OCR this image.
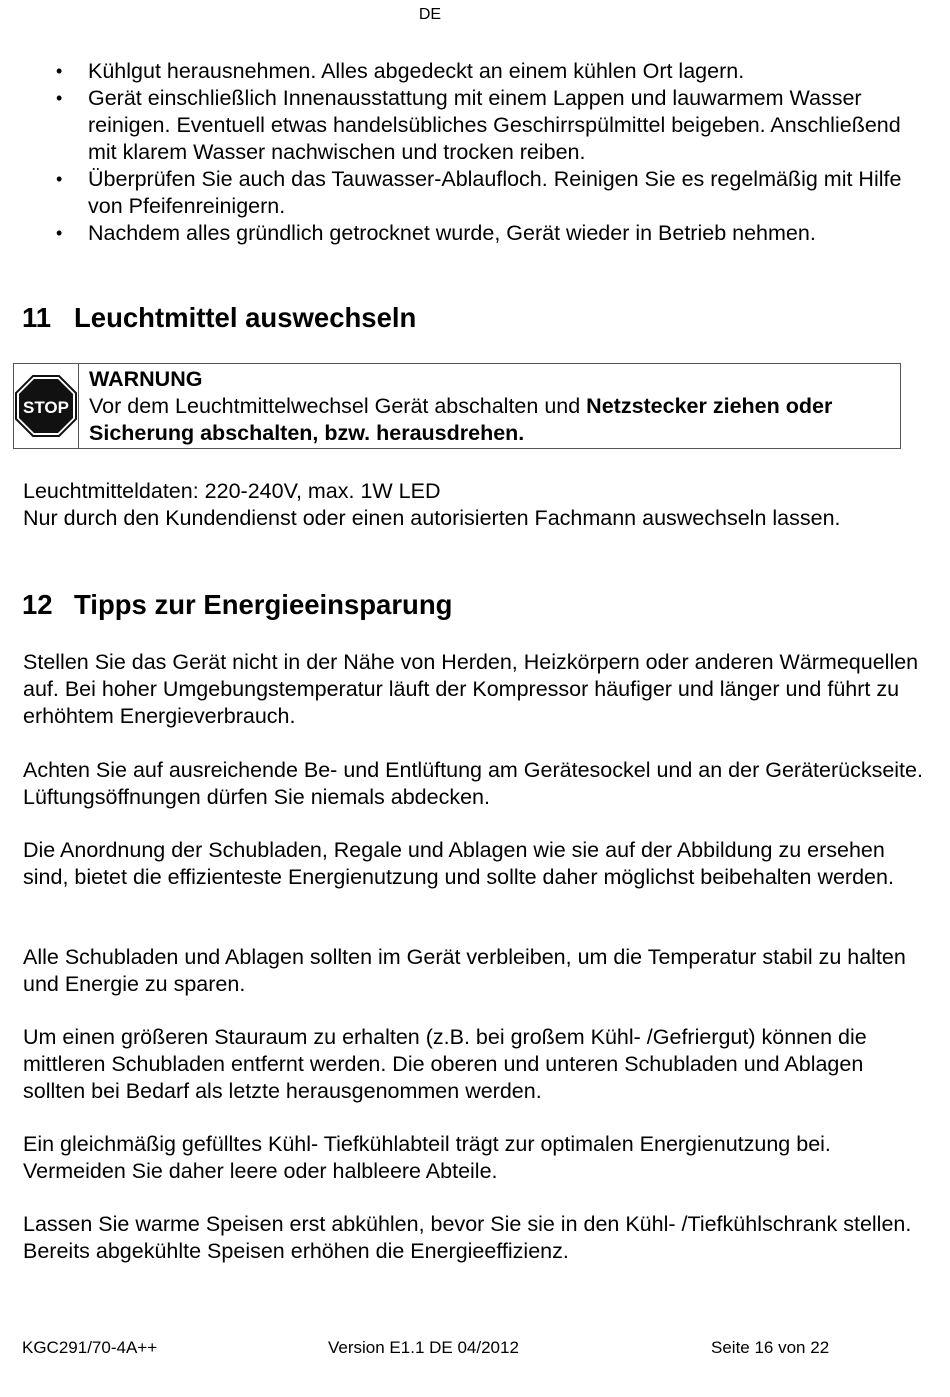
DE
• Kühlgut herausnehmen. Alles abgedeckt an einem kühlen Ort lagern.
• Gerät einschließlich Innenausstattung mit einem Lappen und lauwarmem Wasser reinigen. Eventuell etwas handelsübliches Geschirrspülmittel beigeben. Anschließend mit klarem Wasser nachwischen und trocken reiben.
• Überprüfen Sie auch das Tauwasser-Ablaufloch. Reinigen Sie es regelmäßig mit Hilfe von Pfeifenreinigern.
• Nachdem alles gründlich getrocknet wurde, Gerät wieder in Betrieb nehmen.
11 Leuchtmittel auswechseln
STOP
WARNUNG
Vor dem Leuchtmittelwechsel Gerät abschalten und Netzstecker ziehen oder Sicherung abschalten, bzw. herausdrehen.

Leuchtmitteldaten: 220-240V, max. 1W LED

Nur durch den Kundendienst oder einen autorisierten Fachmann auswechseln lassen.

12 Tipps zur Energieeinsparung

Stellen Sie das Gerät nicht in der Nähe von Herden, Heizkörpern oder anderen Wärmequellen auf. Bei hoher Umgebungstemperatur läuft der Kompressor häufiger und länger und führt zu erhöhtem Energieverbrauch.

Achten Sie auf ausreichende Be- und Entlüftung am Gerätesockel und an der Geräterückseite. Lüftungsöffnungen dürfen Sie niemals abdecken.

Die Anordnung der Schubladen, Regale und Ablagen wie sie auf der Abbildung zu ersehen sind, bietet die effizienteste Energienutzung und sollte daher möglichst beibehalten werden.

Alle Schubladen und Ablagen sollten im Gerät verbleiben, um die Temperatur stabil zu halten und Energie zu sparen.

Um einen größeren Stauraum zu erhalten (z.B. bei großem Kühl- /Gefriergut) können die mittleren Schubladen entfernt werden. Die oberen und unteren Schubladen und Ablagen sollten bei Bedarf als letzte herausgenommen werden.

Ein gleichmäßig gefülltes Kühl- Tiefkühlabteil trägt zur optimalen Energienutzung bei. Vermeiden Sie daher leere oder halbleere Abteile.

Lassen Sie warme Speisen erst abkühlen, bevor Sie sie in den Kühl- /Tiefkühlschrank stellen. Bereits abgekühlte Speisen erhöhen die Energieeffizienz.

KGC291/70-4A++	Version E1.1 DE 04/2012	Seite 16 von 22
